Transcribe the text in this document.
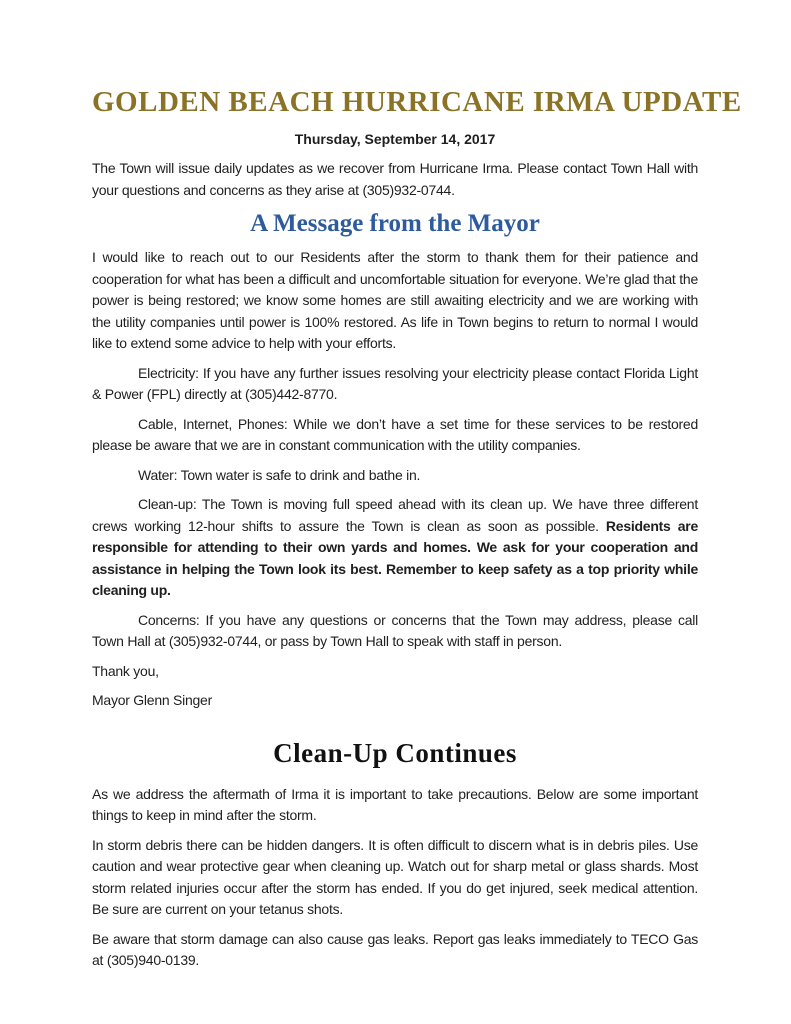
GOLDEN BEACH HURRICANE IRMA UPDATE
Thursday, September 14, 2017

The Town will issue daily updates as we recover from Hurricane Irma. Please contact Town Hall with your questions and concerns as they arise at (305)932-0744.

A Message from the Mayor

I would like to reach out to our Residents after the storm to thank them for their patience and cooperation for what has been a difficult and uncomfortable situation for everyone. We’re glad that the power is being restored; we know some homes are still awaiting electricity and we are working with the utility companies until power is 100% restored. As life in Town begins to return to normal I would like to extend some advice to help with your efforts.

Electricity: If you have any further issues resolving your electricity please contact Florida Light & Power (FPL) directly at (305)442-8770.

Cable, Internet, Phones: While we don’t have a set time for these services to be restored please be aware that we are in constant communication with the utility companies.

Water: Town water is safe to drink and bathe in.

Clean-up: The Town is moving full speed ahead with its clean up. We have three different crews working 12-hour shifts to assure the Town is clean as soon as possible. Residents are responsible for attending to their own yards and homes. We ask for your cooperation and assistance in helping the Town look its best. Remember to keep safety as a top priority while cleaning up.

Concerns: If you have any questions or concerns that the Town may address, please call Town Hall at (305)932-0744, or pass by Town Hall to speak with staff in person.

Thank you,

Mayor Glenn Singer

Clean-Up Continues

As we address the aftermath of Irma it is important to take precautions. Below are some important things to keep in mind after the storm.

In storm debris there can be hidden dangers. It is often difficult to discern what is in debris piles. Use caution and wear protective gear when cleaning up. Watch out for sharp metal or glass shards. Most storm related injuries occur after the storm has ended. If you do get injured, seek medical attention. Be sure are current on your tetanus shots.

Be aware that storm damage can also cause gas leaks. Report gas leaks immediately to TECO Gas at (305)940-0139.
